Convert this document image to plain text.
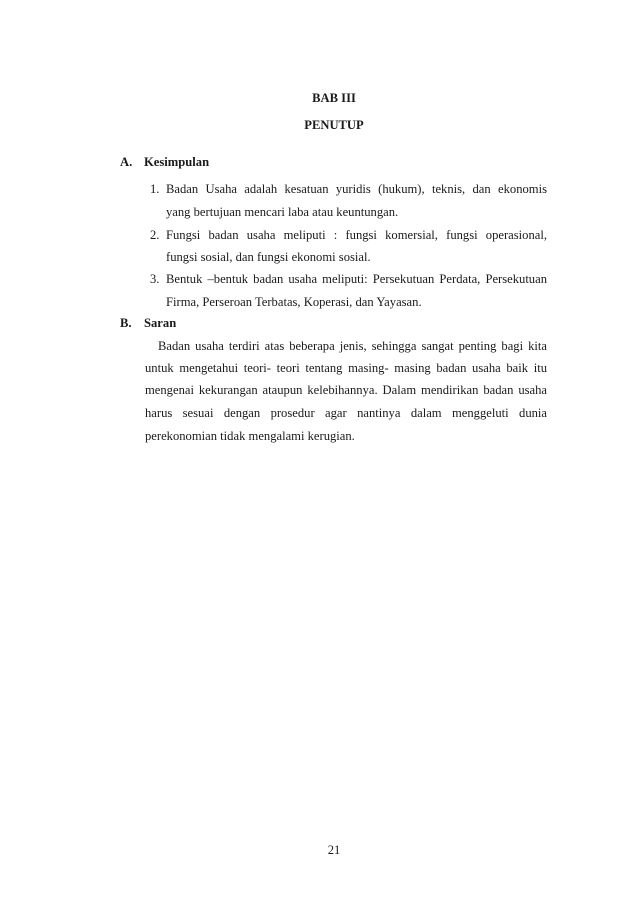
BAB III
PENUTUP
A. Kesimpulan
1. Badan Usaha adalah kesatuan yuridis (hukum), teknis, dan ekonomis
yang bertujuan mencari laba atau keuntungan.
2. Fungsi badan usaha meliputi : fungsi komersial, fungsi operasional,
fungsi sosial, dan fungsi ekonomi sosial.
3. Bentuk –bentuk badan usaha meliputi: Persekutuan Perdata, Persekutuan
Firma, Perseroan Terbatas, Koperasi, dan Yayasan.
B. Saran
Badan usaha terdiri atas beberapa jenis, sehingga sangat penting bagi kita
untuk mengetahui teori- teori tentang masing- masing badan usaha baik itu
mengenai kekurangan ataupun kelebihannya. Dalam mendirikan badan usaha
harus sesuai dengan prosedur agar nantinya dalam menggeluti dunia
perekonomian tidak mengalami kerugian.
21
